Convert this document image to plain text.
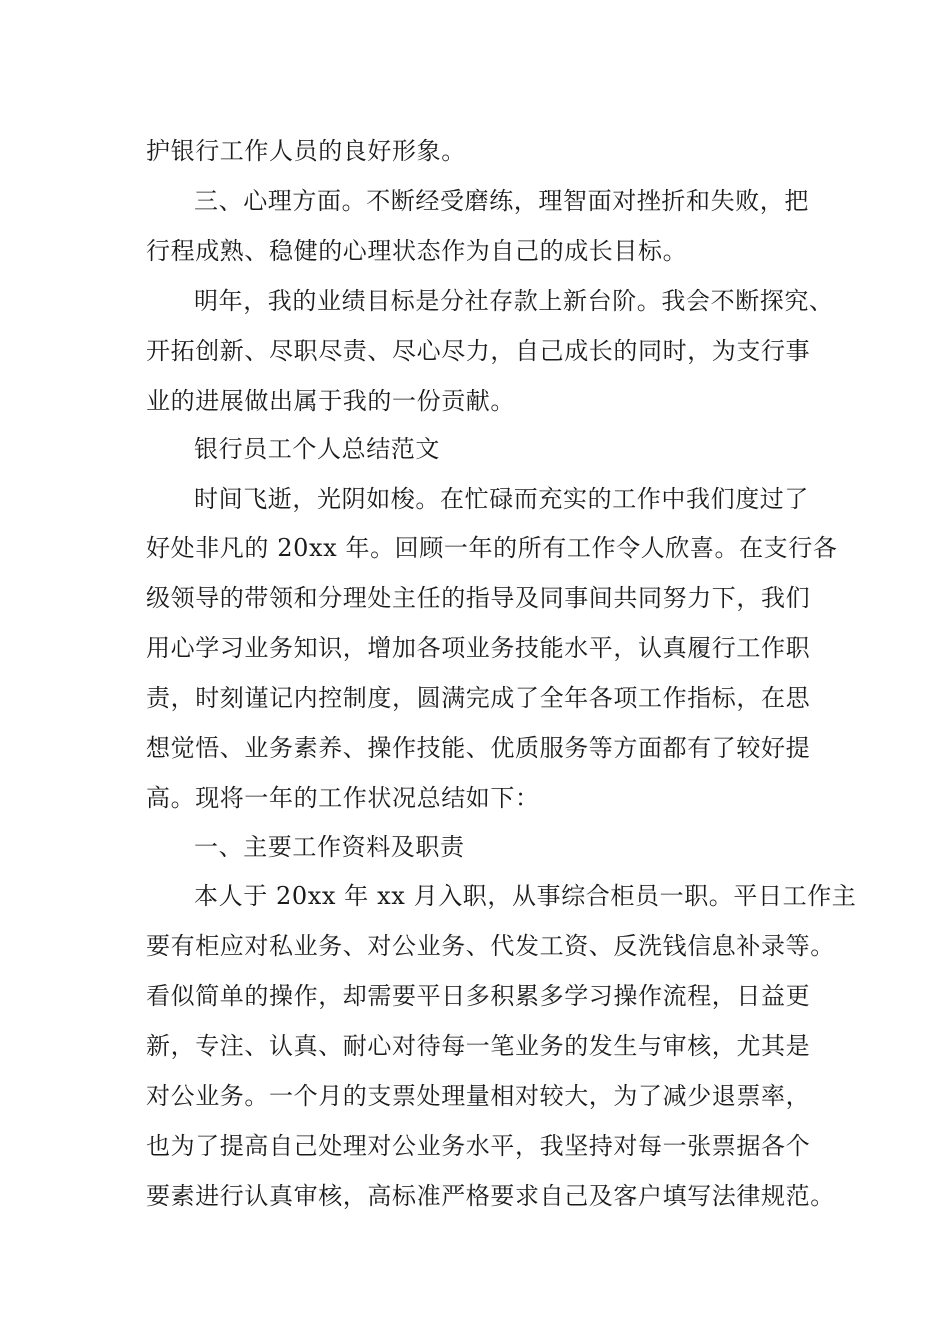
护银行工作人员的良好形象。
三、心理方面。不断经受磨练，理智面对挫折和失败，把
行程成熟、稳健的心理状态作为自己的成长目标。
明年，我的业绩目标是分社存款上新台阶。我会不断探究、
开拓创新、尽职尽责、尽心尽力，自己成长的同时，为支行事
业的进展做出属于我的一份贡献。
银行员工个人总结范文
时间飞逝，光阴如梭。在忙碌而充实的工作中我们度过了
好处非凡的 20xx 年。回顾一年的所有工作令人欣喜。在支行各
级领导的带领和分理处主任的指导及同事间共同努力下，我们
用心学习业务知识，增加各项业务技能水平，认真履行工作职
责，时刻谨记内控制度，圆满完成了全年各项工作指标，在思
想觉悟、业务素养、操作技能、优质服务等方面都有了较好提
高。现将一年的工作状况总结如下：
一、主要工作资料及职责
本人于 20xx 年 xx 月入职，从事综合柜员一职。平日工作主
要有柜应对私业务、对公业务、代发工资、反洗钱信息补录等。
看似简单的操作，却需要平日多积累多学习操作流程，日益更
新，专注、认真、耐心对待每一笔业务的发生与审核，尤其是
对公业务。一个月的支票处理量相对较大，为了减少退票率，
也为了提高自己处理对公业务水平，我坚持对每一张票据各个
要素进行认真审核，高标准严格要求自己及客户填写法律规范。
